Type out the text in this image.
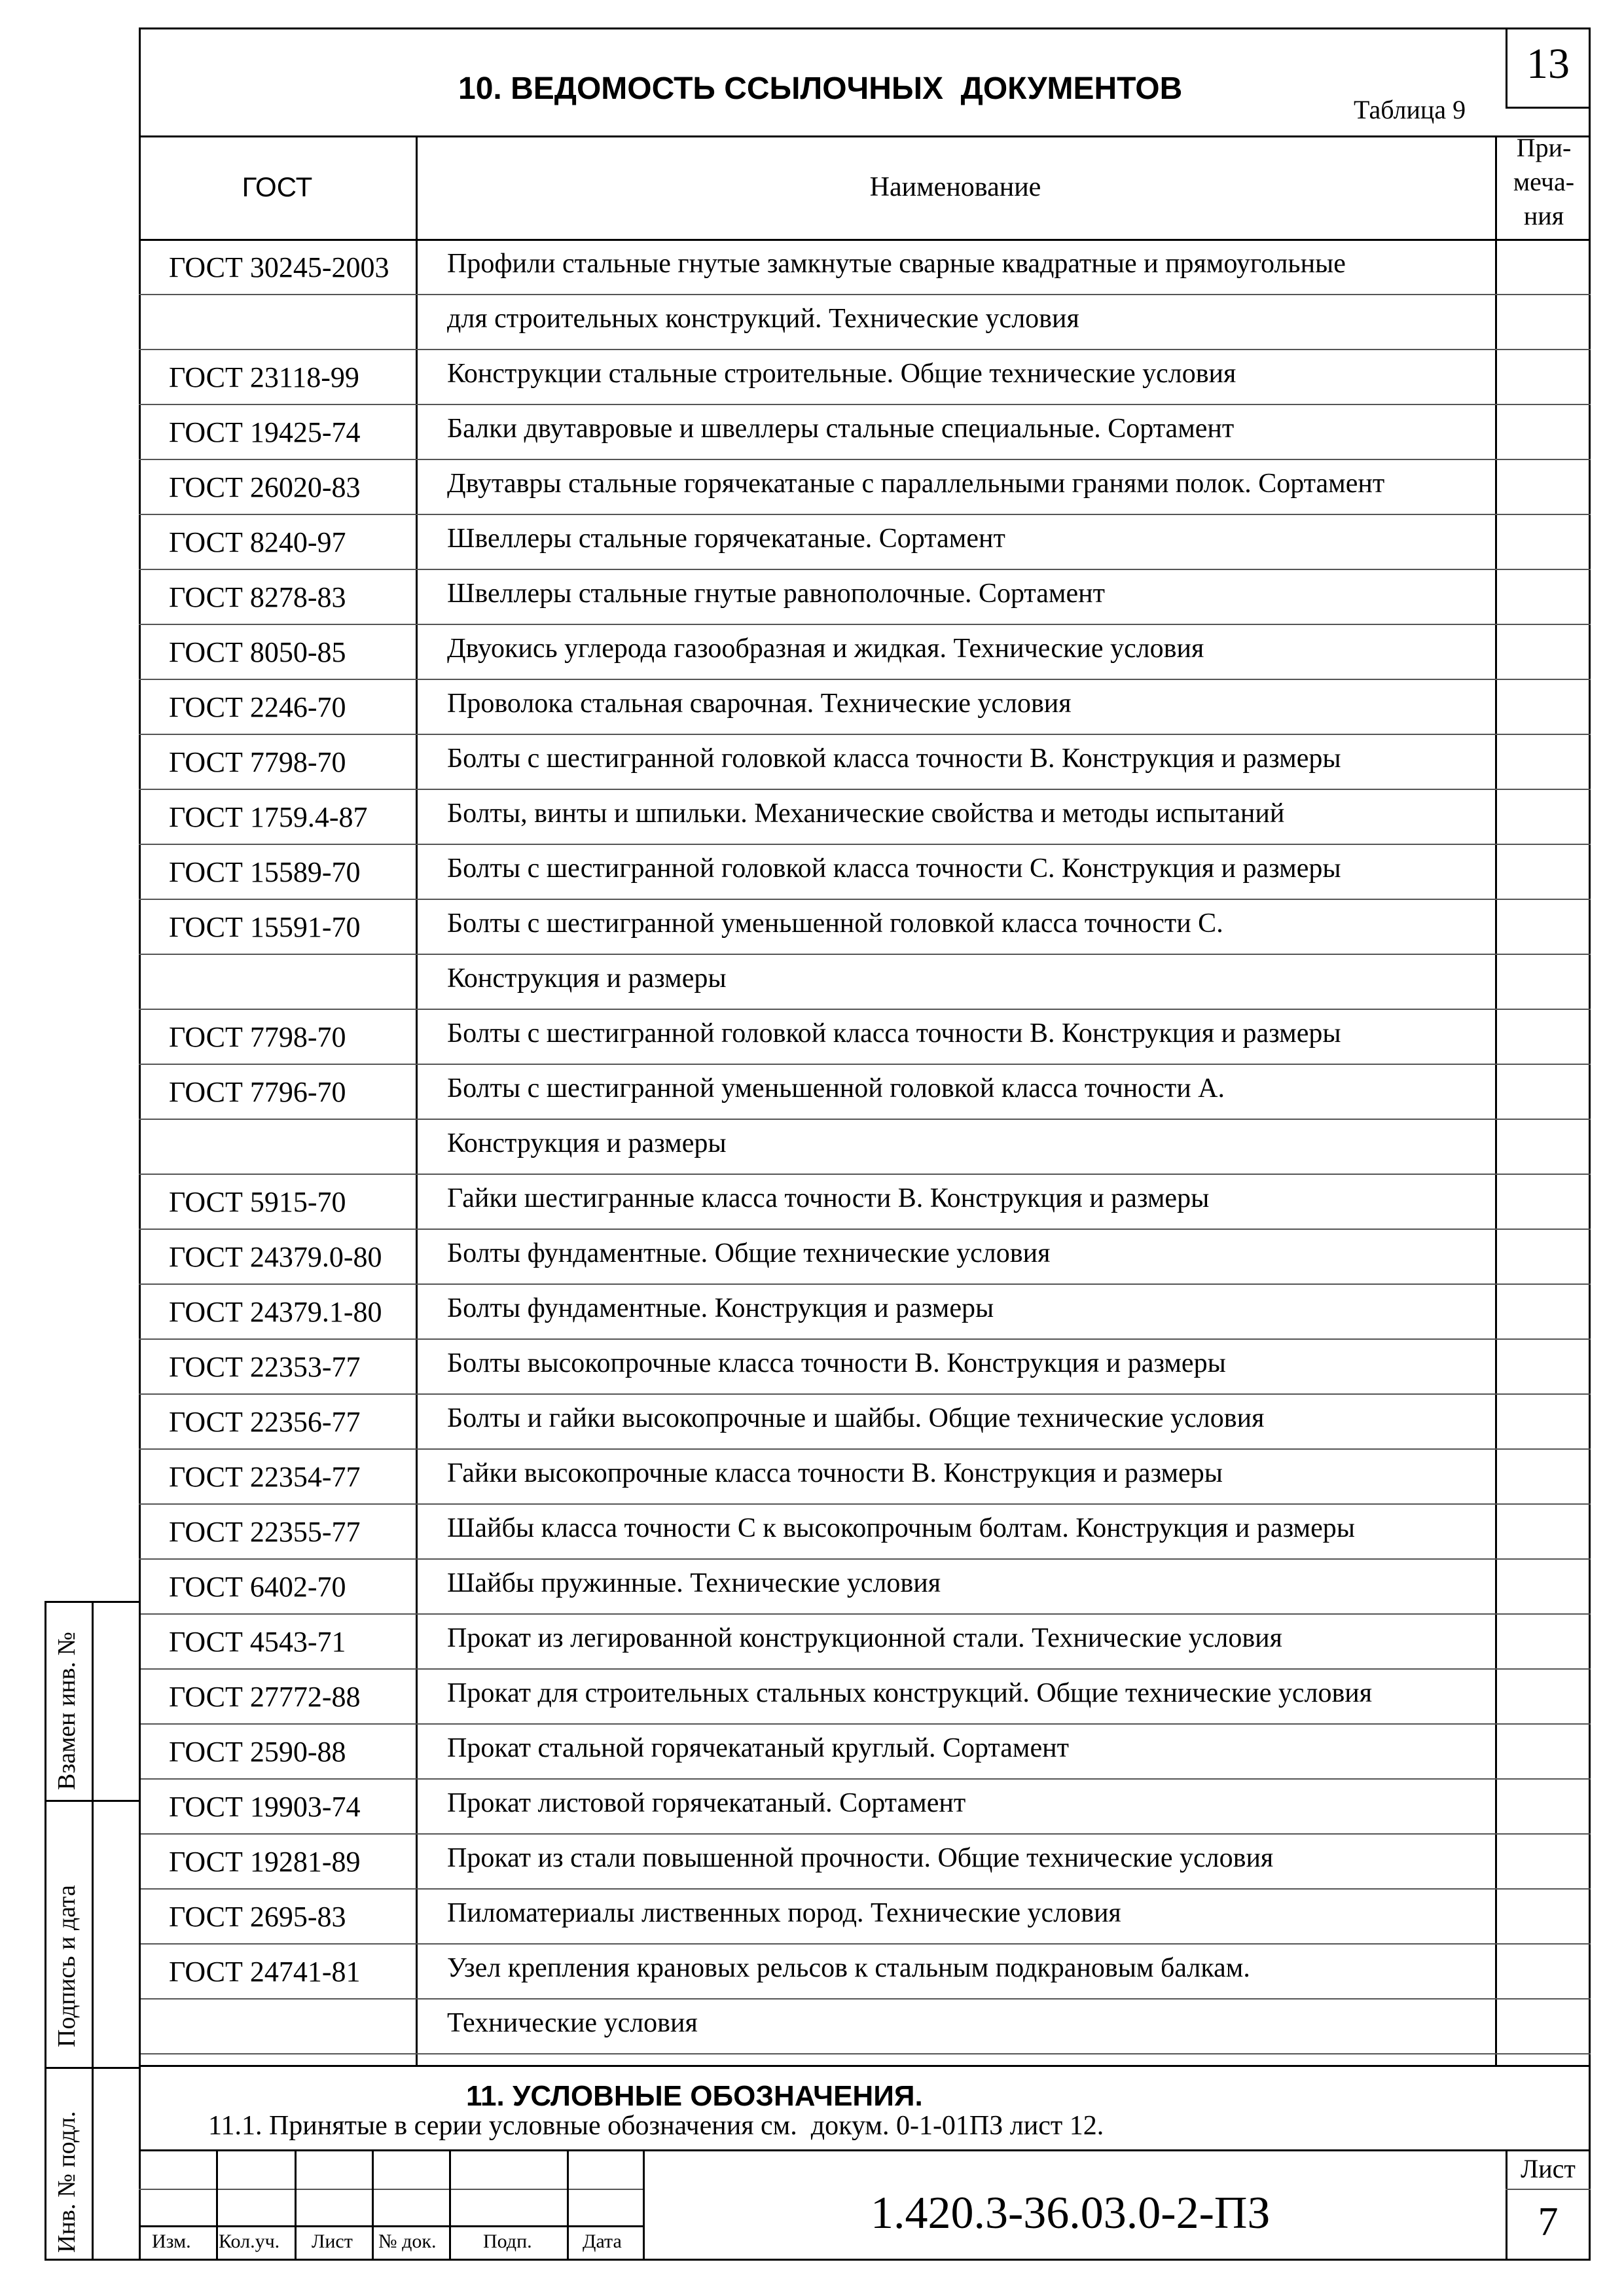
13
10. ВЕДОМОСТЬ ССЫЛОЧНЫХ  ДОКУМЕНТОВ
Таблица 9
ГОСТ	Наименование
При-
меча-
ния
ГОСТ 30245-2003 Профили стальные гнутые замкнутые сварные квадратные и прямоугольные
для строительных конструкций. Технические условия
ГОСТ 23118-99	Конструкции стальные строительные. Общие технические условия
ГОСТ 19425-74	Балки двутавровые и швеллеры стальные специальные. Сортамент
ГОСТ 26020-83	Двутавры стальные горячекатаные с параллельными гранями полок. Сортамент
ГОСТ 8240-97	Швеллеры стальные горячекатаные. Сортамент
ГОСТ 8278-83	Швеллеры стальные гнутые равнополочные. Сортамент
ГОСТ 8050-85	Двуокись углерода газообразная и жидкая. Технические условия
ГОСТ 2246-70	Проволока стальная сварочная. Технические условия
ГОСТ 7798-70	Болты с шестигранной головкой класса точности В. Конструкция и размеры
ГОСТ 1759.4-87	Болты, винты и шпильки. Механические свойства и методы испытаний
ГОСТ 15589-70	Болты с шестигранной головкой класса точности С. Конструкция и размеры
ГОСТ 15591-70	Болты с шестигранной уменьшенной головкой класса точности С.
Конструкция и размеры
ГОСТ 7798-70	Болты с шестигранной головкой класса точности В. Конструкция и размеры
ГОСТ 7796-70	Болты с шестигранной уменьшенной головкой класса точности А.
Конструкция и размеры
ГОСТ 5915-70	Гайки шестигранные класса точности В. Конструкция и размеры
ГОСТ 24379.0-80 Болты фундаментные. Общие технические условия
ГОСТ 24379.1-80 Болты фундаментные. Конструкция и размеры
ГОСТ 22353-77	Болты высокопрочные класса точности В. Конструкция и размеры
ГОСТ 22356-77	Болты и гайки высокопрочные и шайбы. Общие технические условия
ГОСТ 22354-77	Гайки высокопрочные класса точности В. Конструкция и размеры
ГОСТ 22355-77	Шайбы класса точности С к высокопрочным болтам. Конструкция и размеры
ГОСТ 6402-70	Шайбы пружинные. Технические условия
ГОСТ 4543-71	Прокат из легированной конструкционной стали. Технические условия
ГОСТ 27772-88	Прокат для строительных стальных конструкций. Общие технические условия
ГОСТ 2590-88	Прокат стальной горячекатаный круглый. Сортамент
ГОСТ 19903-74	Прокат листовой горячекатаный. Сортамент
ГОСТ 19281-89	Прокат из стали повышенной прочности. Общие технические условия
ГОСТ 2695-83	Пиломатериалы лиственных пород. Технические условия
ГОСТ 24741-81	Узел крепления крановых рельсов к стальным подкрановым балкам.
Технические условия
11. УСЛОВНЫЕ ОБОЗНАЧЕНИЯ.
11.1. Принятые в серии условные обозначения см.  докум. 0-1-01ПЗ лист 12.
Взамен инв. №
Подпись и дата
Инв. № подл.	Изм. Кол.уч. Лист № док. Подп.	Дата
1.420.3-36.03.0-2-ПЗ
Лист
7
